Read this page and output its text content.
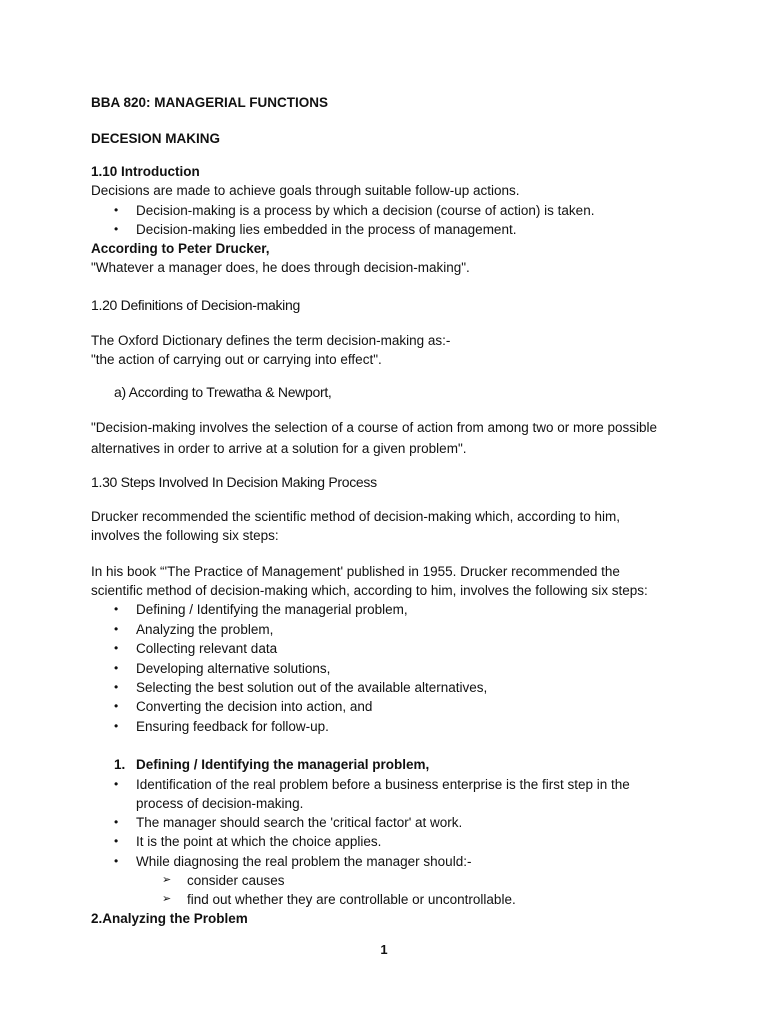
BBA 820: MANAGERIAL FUNCTIONS
DECESION MAKING
1.10 Introduction
Decisions are made to achieve goals through suitable follow-up actions.
•	Decision-making is a process by which a decision (course of action) is taken.
•	Decision-making lies embedded in the process of management.
According to Peter Drucker,
"Whatever a manager does, he does through decision-making".
1.20 Definitions of Decision-making
The Oxford Dictionary defines the term decision-making as:-
"the action of carrying out or carrying into effect".
a) According to Trewatha & Newport,
"Decision-making involves the selection of a course of action from among two or more possible
alternatives in order to arrive at a solution for a given problem".
1.30 Steps Involved In Decision Making Process
Drucker recommended the scientific method of decision-making which, according to him,
involves the following six steps:
In his book “'The Practice of Management' published in 1955. Drucker recommended the
scientific method of decision-making which, according to him, involves the following six steps:
•	Defining / Identifying the managerial problem,
•	Analyzing the problem,
•	Collecting relevant data
•	Developing alternative solutions,
•	Selecting the best solution out of the available alternatives,
•	Converting the decision into action, and
•	Ensuring feedback for follow-up.
1. Defining / Identifying the managerial problem,
•	Identification of the real problem before a business enterprise is the first step in the
process of decision-making.
•	The manager should search the 'critical factor' at work.
•	It is the point at which the choice applies.
•	While diagnosing the real problem the manager should:-
➢ consider causes
➢ find out whether they are controllable or uncontrollable.
2.Analyzing the Problem
1
